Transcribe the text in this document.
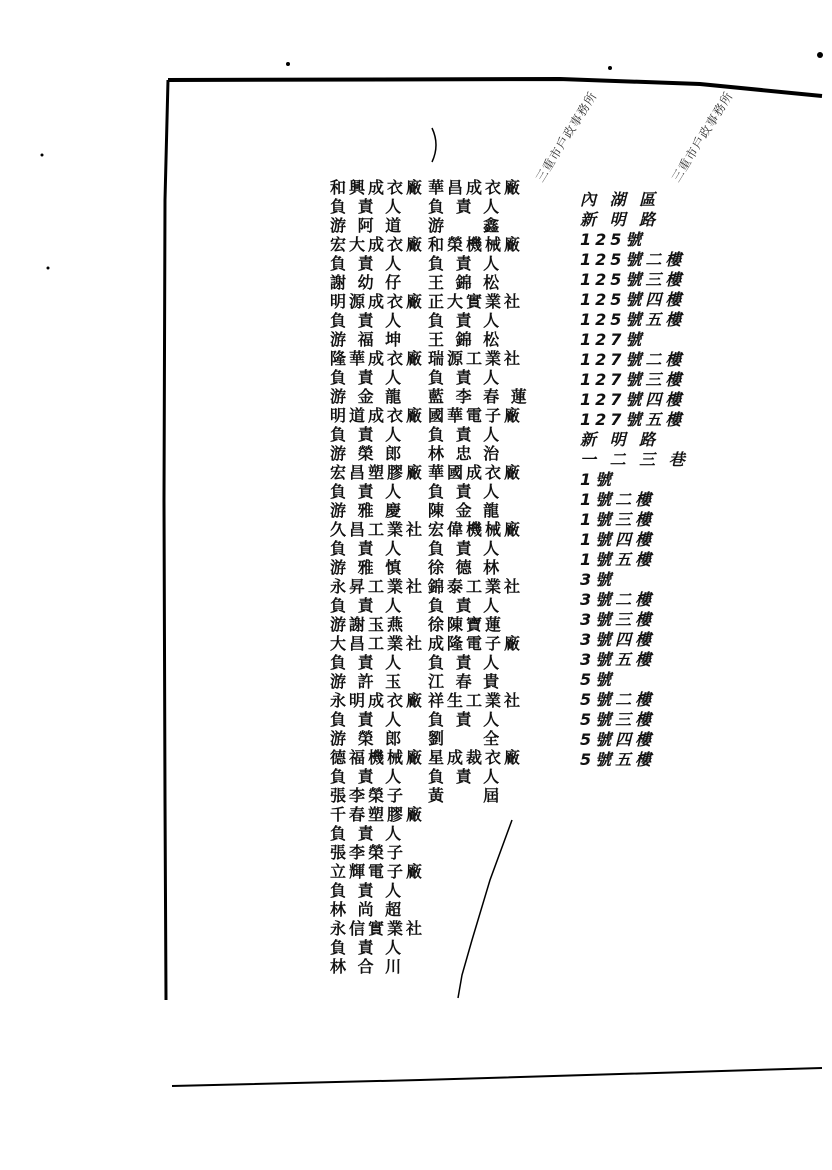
三重市戶政事務所	三重市戶政事務所
和興成衣廠
負 責 人
游 阿 道
宏大成衣廠
負 責 人
謝 幼 仔
明源成衣廠
負 責 人
游 福 坤
隆華成衣廠
負 責 人
游 金 龍
明道成衣廠
負 責 人
游 榮 郎
宏昌塑膠廠
負 責 人
游 雅 慶
久昌工業社
負 責 人
游 雅 慎
永昇工業社
負 責 人
游謝玉燕
大昌工業社
負 責 人
游 許 玉
永明成衣廠
負 責 人
游 榮 郎
德福機械廠
負 責 人
張李榮子
千春塑膠廠
負 責 人
張李榮子
立輝電子廠
負 責 人
林 尚 超
永信實業社
負 責 人
林 合 川
華昌成衣廠
負 責 人
游 　 鑫
和榮機械廠
負 責 人
王 錦 松
正大實業社
負 責 人
王 錦 松
瑞源工業社
負 責 人
藍 李 春 蓮
國華電子廠
負 責 人
林 忠 治
華國成衣廠
負 責 人
陳 金 龍
宏偉機械廠
負 責 人
徐 德 林
錦泰工業社
負 責 人
徐陳寶蓮
成隆電子廠
負 責 人
江 春 貴
祥生工業社
負 責 人
劉 　 全
星成裁衣廠
負 責 人
黃 　 屆
內 湖 區
新 明 路
125號
125號二樓
125號三樓
125號四樓
125號五樓
127號
127號二樓
127號三樓
127號四樓
127號五樓
新 明 路
一 二 三 巷
1號
1號二樓
1號三樓
1號四樓
1號五樓
3號
3號二樓
3號三樓
3號四樓
3號五樓
5號
5號二樓
5號三樓
5號四樓
5號五樓
